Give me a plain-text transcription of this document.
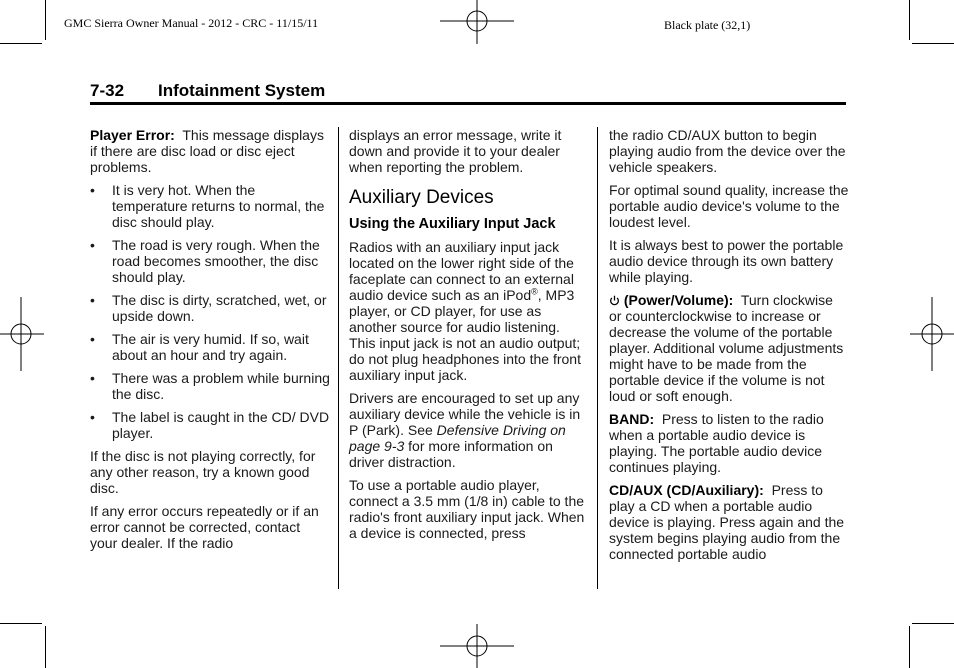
GMC Sierra Owner Manual - 2012 - CRC - 11/15/11	Black plate (32,1)
7-32 Infotainment System

Player Error: This message displays if there are disc load or disc eject problems.

• It is very hot. When the temperature returns to normal, the disc should play.
• The road is very rough. When the road becomes smoother, the disc should play.
• The disc is dirty, scratched, wet, or upside down.
• The air is very humid. If so, wait about an hour and try again.
• There was a problem while burning the disc.
• The label is caught in the CD/ DVD player.

If the disc is not playing correctly, for any other reason, try a known good disc.

If any error occurs repeatedly or if an error cannot be corrected, contact your dealer. If the radio

displays an error message, write it down and provide it to your dealer when reporting the problem.

Auxiliary Devices
Using the Auxiliary Input Jack

Radios with an auxiliary input jack located on the lower right side of the faceplate can connect to an external audio device such as an iPod®, MP3 player, or CD player, for use as another source for audio listening. This input jack is not an audio output; do not plug headphones into the front auxiliary input jack.

Drivers are encouraged to set up any auxiliary device while the vehicle is in P (Park). See Defensive Driving on page 9-3 for more information on driver distraction.

To use a portable audio player, connect a 3.5 mm (1/8 in) cable to the radio's front auxiliary input jack. When a device is connected, press

the radio CD/AUX button to begin playing audio from the device over the vehicle speakers.

For optimal sound quality, increase the portable audio device's volume to the loudest level.

It is always best to power the portable audio device through its own battery while playing.

(Power/Volume): Turn clockwise or counterclockwise to increase or decrease the volume of the portable player. Additional volume adjustments might have to be made from the portable device if the volume is not loud or soft enough.

BAND: Press to listen to the radio when a portable audio device is playing. The portable audio device continues playing.

CD/AUX (CD/Auxiliary): Press to play a CD when a portable audio device is playing. Press again and the system begins playing audio from the connected portable audio
